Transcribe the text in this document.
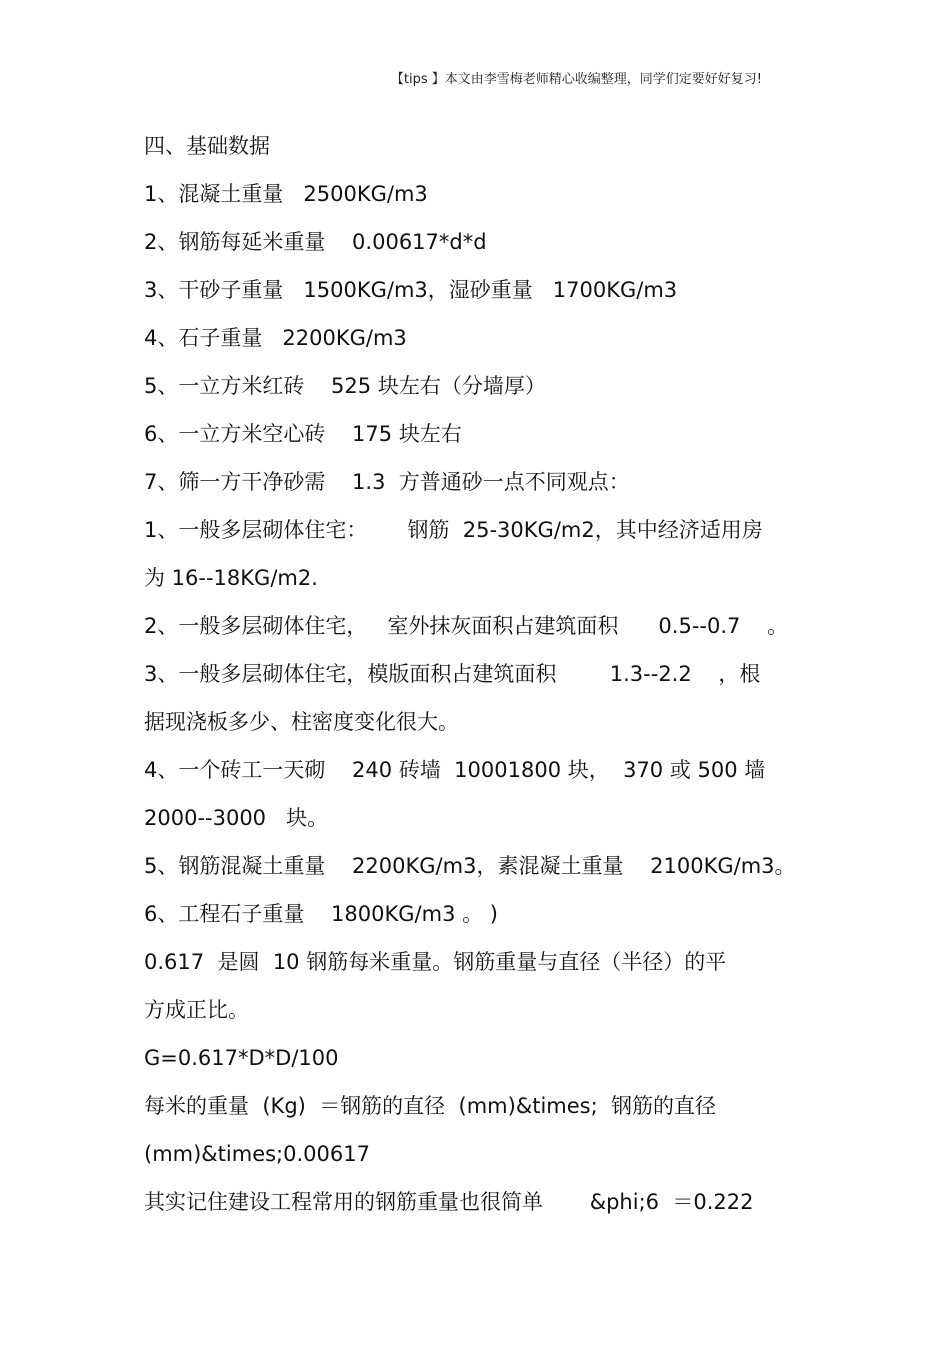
【tips 】本文由李雪梅老师精心收编整理，同学们定要好好复习!
四、基础数据
1、混凝土重量   2500KG/m3
2、钢筋每延米重量    0.00617*d*d
3、干砂子重量   1500KG/m3，湿砂重量   1700KG/m3
4、石子重量   2200KG/m3
5、一立方米红砖    525 块左右（分墙厚）
6、一立方米空心砖    175 块左右
7、筛一方干净砂需    1.3  方普通砂一点不同观点：
1、一般多层砌体住宅：      钢筋  25-30KG/m2，其中经济适用房
为 16--18KG/m2.
2、一般多层砌体住宅，   室外抹灰面积占建筑面积      0.5--0.7    。
3、一般多层砌体住宅，模版面积占建筑面积        1.3--2.2    ，根
据现浇板多少、柱密度变化很大。
4、一个砖工一天砌    240 砖墙  10001800 块，  370 或 500 墙
2000--3000   块。
5、钢筋混凝土重量    2200KG/m3，素混凝土重量    2100KG/m3。
6、工程石子重量    1800KG/m3 。 )
0.617  是圆  10 钢筋每米重量。钢筋重量与直径（半径）的平
方成正比。
G=0.617*D*D/100
每米的重量  (Kg)  ＝钢筋的直径  (mm)&times;  钢筋的直径
(mm)&times;0.00617
其实记住建设工程常用的钢筋重量也很简单       &phi;6  ＝0.222
